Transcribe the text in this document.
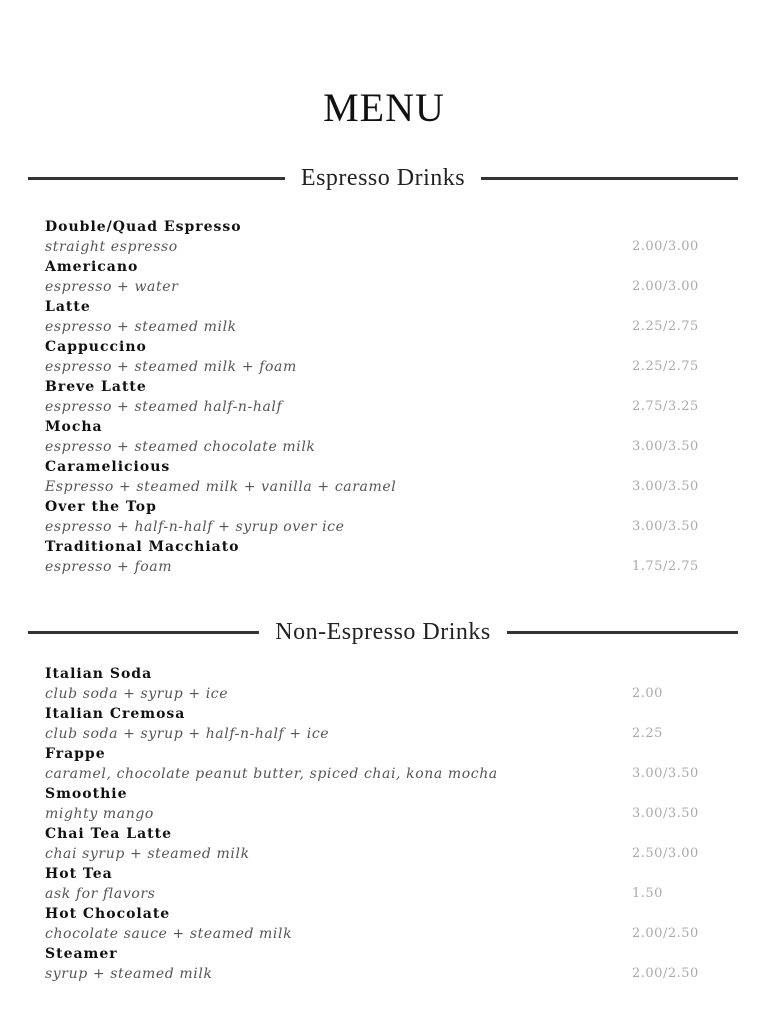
MENU
Espresso Drinks
Double/Quad Espresso
straight espresso	2.00/3.00
Americano
espresso + water	2.00/3.00
Latte
espresso + steamed milk	2.25/2.75
Cappuccino
espresso + steamed milk + foam	2.25/2.75
Breve Latte
espresso + steamed half-n-half	2.75/3.25
Mocha
espresso + steamed chocolate milk	3.00/3.50
Caramelicious
Espresso + steamed milk + vanilla + caramel	3.00/3.50
Over the Top
espresso + half-n-half + syrup over ice	3.00/3.50
Traditional Macchiato
espresso + foam	1.75/2.75
Non-Espresso Drinks
Italian Soda
club soda + syrup + ice	2.00
Italian Cremosa
club soda + syrup + half-n-half + ice	2.25
Frappe
caramel, chocolate peanut butter, spiced chai, kona mocha	3.00/3.50
Smoothie
mighty mango	3.00/3.50
Chai Tea Latte
chai syrup + steamed milk	2.50/3.00
Hot Tea
ask for flavors	1.50
Hot Chocolate
chocolate sauce + steamed milk	2.00/2.50
Steamer
syrup + steamed milk	2.00/2.50
